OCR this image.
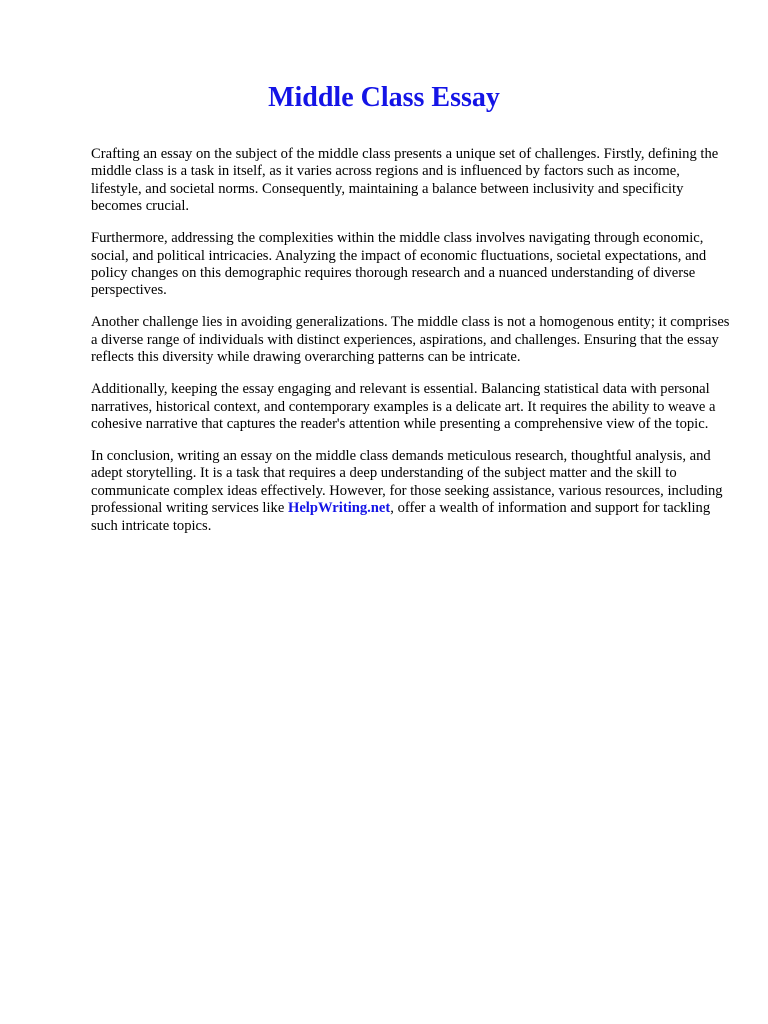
Middle Class Essay

Crafting an essay on the subject of the middle class presents a unique set of challenges. Firstly, defining the middle class is a task in itself, as it varies across regions and is influenced by factors such as income, lifestyle, and societal norms. Consequently, maintaining a balance between inclusivity and specificity becomes crucial.

Furthermore, addressing the complexities within the middle class involves navigating through economic, social, and political intricacies. Analyzing the impact of economic fluctuations, societal expectations, and policy changes on this demographic requires thorough research and a nuanced understanding of diverse perspectives.

Another challenge lies in avoiding generalizations. The middle class is not a homogenous entity; it comprises a diverse range of individuals with distinct experiences, aspirations, and challenges. Ensuring that the essay reflects this diversity while drawing overarching patterns can be intricate.

Additionally, keeping the essay engaging and relevant is essential. Balancing statistical data with personal narratives, historical context, and contemporary examples is a delicate art. It requires the ability to weave a cohesive narrative that captures the reader's attention while presenting a comprehensive view of the topic.

In conclusion, writing an essay on the middle class demands meticulous research, thoughtful analysis, and adept storytelling. It is a task that requires a deep understanding of the subject matter and the skill to communicate complex ideas effectively. However, for those seeking assistance, various resources, including professional writing services like HelpWriting.net, offer a wealth of information and support for tackling such intricate topics.
